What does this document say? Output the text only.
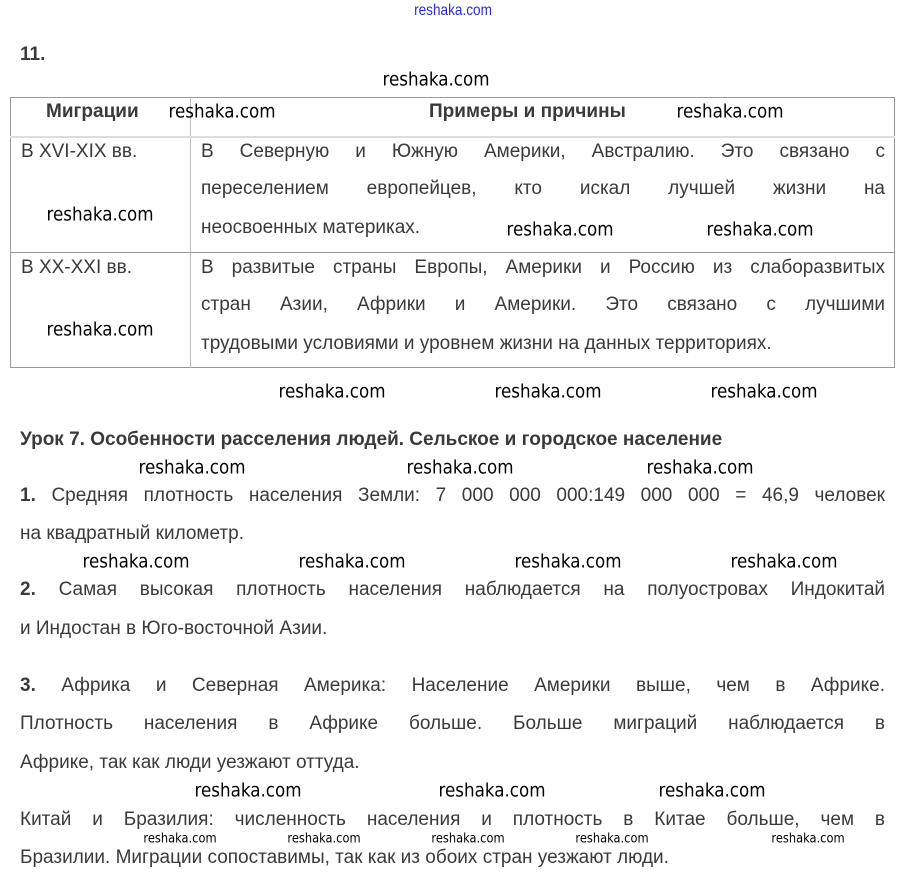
reshaka.com
11.
Миграции	Примеры и причины
В XVI-XIX вв.	В Северную и Южную Америки, Австралию. Это связано с
переселением европейцев, кто искал лучшей жизни на
неосвоенных материках.
В XX-XXI вв.	В развитые страны Европы, Америки и Россию из слаборазвитых
стран Азии, Африки и Америки. Это связано с лучшими
трудовыми условиями и уровнем жизни на данных территориях.
Урок 7. Особенности расселения людей. Сельское и городское население
1. Средняя плотность населения Земли: 7 000 000 000:149 000 000 = 46,9 человек
на квадратный километр.
2. Самая высокая плотность населения наблюдается на полуостровах Индокитай
и Индостан в Юго-восточной Азии.
3. Африка и Северная Америка: Население Америки выше, чем в Африке.
Плотность населения в Африке больше. Больше миграций наблюдается в
Африке, так как люди уезжают оттуда.
Китай и Бразилия: численность населения и плотность в Китае больше, чем в
Бразилии. Миграции сопоставимы, так как из обоих стран уезжают люди.
reshaka.com
reshaka.com	reshaka.com
reshaka.com
reshaka.com	reshaka.com
reshaka.com	reshaka.com	reshaka.com
reshaka.com
reshaka.com	reshaka.com	reshaka.com
reshaka.com	reshaka.com	reshaka.com	reshaka.com
reshaka.com	reshaka.com	reshaka.com
reshaka.com	reshaka.com	reshaka.com
reshaka.com	reshaka.com
